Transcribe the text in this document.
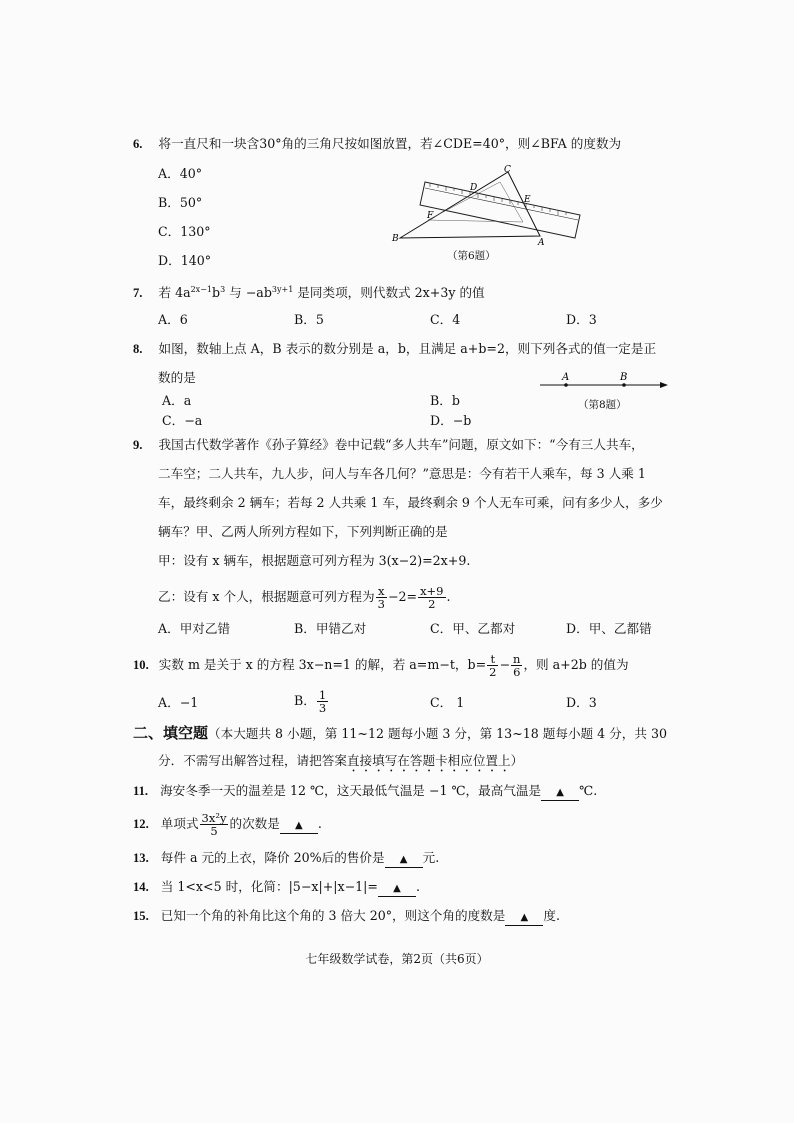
6. 将一直尺和一块含30°角的三角尺按如图放置，若∠CDE=40°，则∠BFA 的度数为
A．40°
B．50°
C．130°
D．140°
B
C
D
E
F
A
（第6题）
7. 若 $4a^{2x-1}b^3$ 与 $-ab^{3y+1}$ 是同类项，则代数式 2x+3y 的值
A．6	B．5	C．4	D．3
8. 如图，数轴上点 A，B 表示的数分别是 a，b，且满足 a+b=2，则下列各式的值一定是正
数的是
A．a	B．b
C．−a	D．−b
A	B
（第8题）
9. 我国古代数学著作《孙子算经》卷中记载“多人共车”问题，原文如下：“今有三人共车，
二车空；二人共车，九人步，问人与车各几何？”意思是：今有若干人乘车，每 3 人乘 1
车，最终剩余 2 辆车；若每 2 人共乘 1 车，最终剩余 9 个人无车可乘，问有多少人，多少
辆车？甲、乙两人所列方程如下，下列判断正确的是
甲：设有 x 辆车，根据题意可列方程为 3(x−2)=2x+9.
乙：设有 x 个人，根据题意可列方程为 $\frac{x}{3} -2= \frac{x+9}{2}$ .
A．甲对乙错	B．甲错乙对	C．甲、乙都对	D．甲、乙都错
10. 实数 m 是关于 x 的方程 3x−n=1 的解，若 a=m−t，$b= \frac{t}{2} - \frac{n}{6}$ ，则 a+2b 的值为
A．−1	B． $\frac{1}{3}$	C． 1	D．3
二、填空题（本大题共 8 小题，第 11~12 题每小题 3 分，第 13~18 题每小题 4 分，共 30
分．不需写出解答过程，请把答案直接填写在答题卡相应位置上）
11. 海安冬季一天的温差是 12 ℃，这天最低气温是 −1 ℃，最高气温是 ▲ ℃.
12. 单项式 $\frac{\text{3x²y}}{5}$ 的次数是 ▲ .
13. 每件 a 元的上衣，降价 20%后的售价是 ▲ 元.
14. 当 1<x<5 时，化简：|5−x|+|x−1|= ▲ .
15. 已知一个角的补角比这个角的 3 倍大 20°，则这个角的度数是 ▲ 度.
七年级数学试卷，第2页（共6页）
